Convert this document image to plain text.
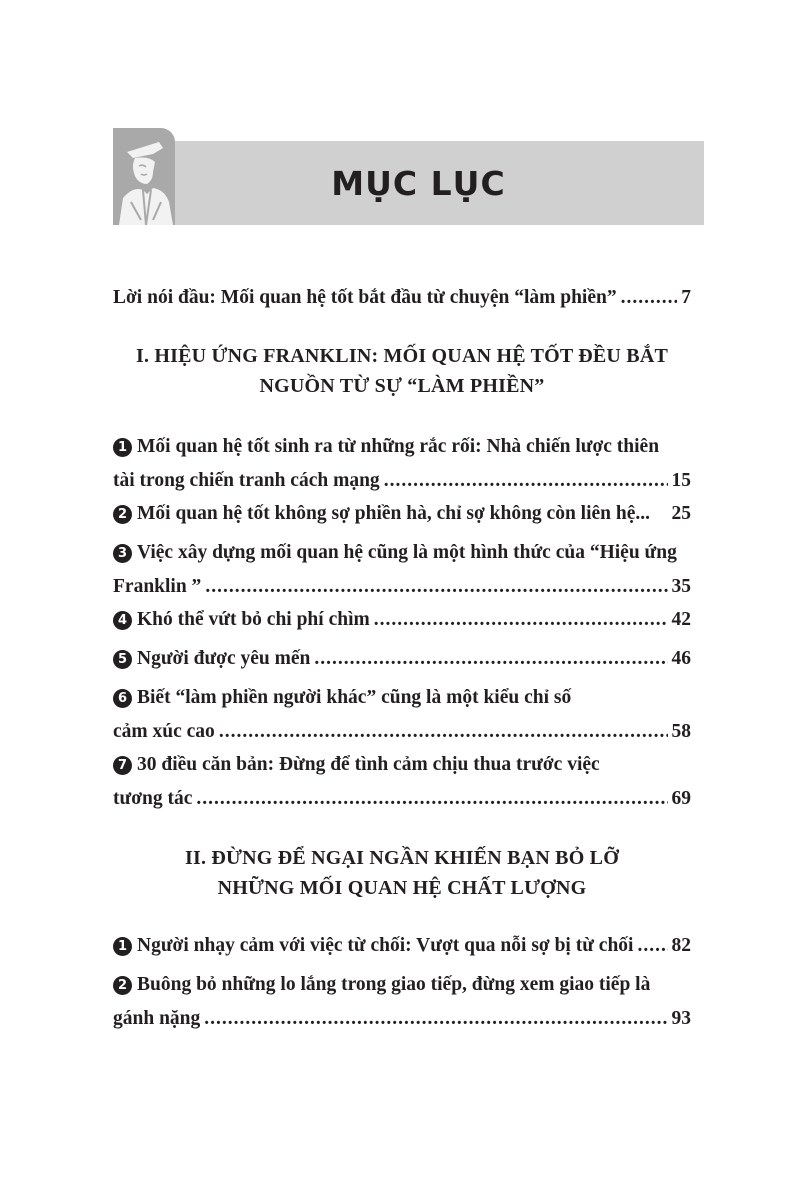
MỤC LỤC
Lời nói đầu: Mối quan hệ tốt bắt đầu từ chuyện “làm phiền” .....	7
I. HIỆU ỨNG FRANKLIN: MỐI QUAN HỆ TỐT ĐỀU BẮT
NGUỒN TỪ SỰ “LÀM PHIỀN”
1 Mối quan hệ tốt sinh ra từ những rắc rối: Nhà chiến lược thiên
tài trong chiến tranh cách mạng .....	15
2 Mối quan hệ tốt không sợ phiền hà, chỉ sợ không còn liên hệ... 25
3 Việc xây dựng mối quan hệ cũng là một hình thức của “Hiệu ứng
Franklin ” .....	35
4 Khó thể vứt bỏ chi phí chìm .....	42
5 Người được yêu mến .....	46
6 Biết “làm phiền người khác” cũng là một kiểu chỉ số
cảm xúc cao .....	58
7 30 điều căn bản: Đừng để tình cảm chịu thua trước việc
tương tác .....	69
II. ĐỪNG ĐỂ NGẠI NGẦN KHIẾN BẠN BỎ LỠ
NHỮNG MỐI QUAN HỆ CHẤT LƯỢNG
1 Người nhạy cảm với việc từ chối: Vượt qua nỗi sợ bị từ chối ..... 82
2 Buông bỏ những lo lắng trong giao tiếp, đừng xem giao tiếp là
gánh nặng .....	93
